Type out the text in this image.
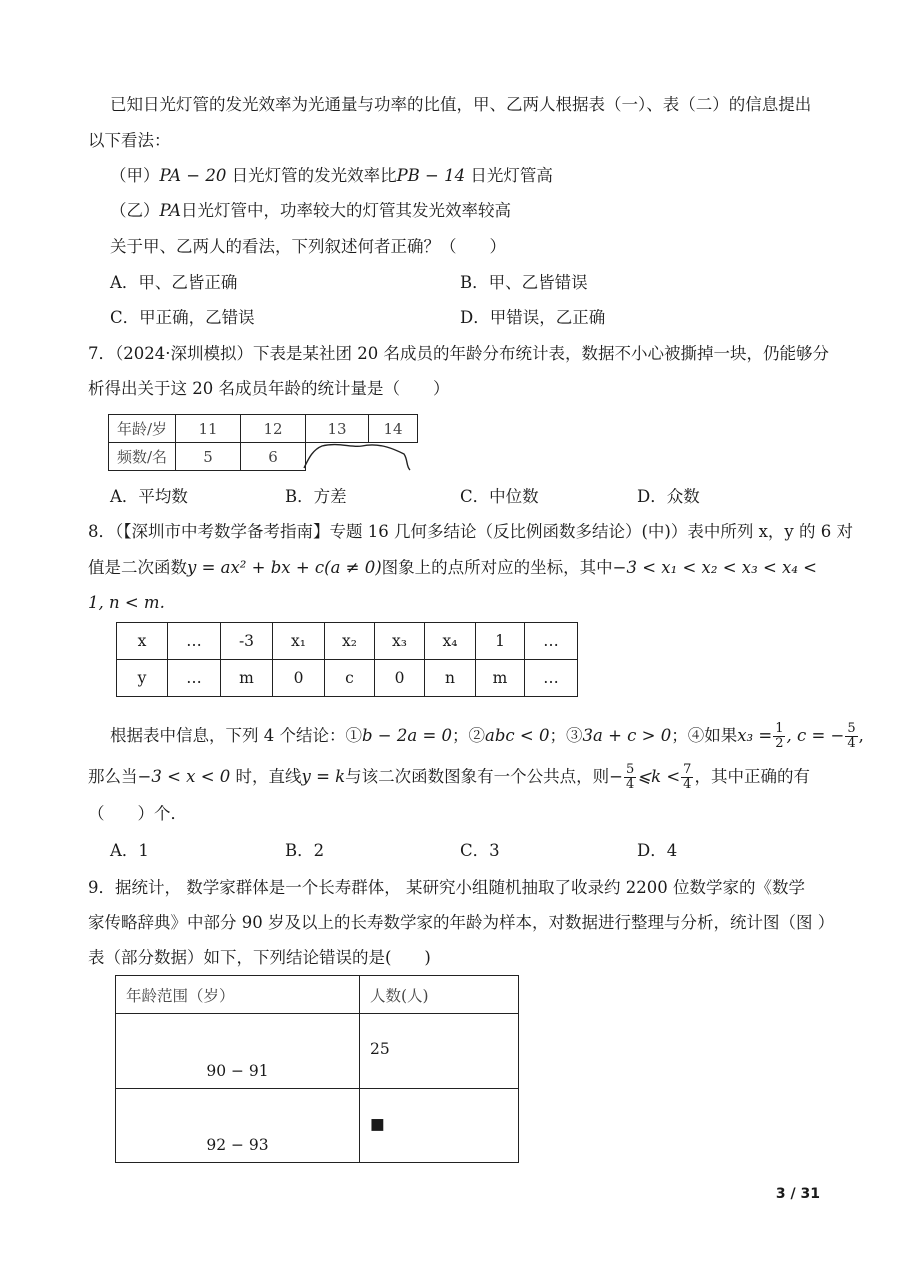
已知日光灯管的发光效率为光通量与功率的比值，甲、乙两人根据表（一）、表（二）的信息提出
以下看法：
（甲）PA − 20 日光灯管的发光效率比PB − 14 日光灯管高
（乙）PA日光灯管中，功率较大的灯管其发光效率较高
关于甲、乙两人的看法，下列叙述何者正确？（　　）
A．甲、乙皆正确	B．甲、乙皆错误
C．甲正确，乙错误	D．甲错误，乙正确
7．（2024·深圳模拟）下表是某社团 20 名成员的年龄分布统计表，数据不小心被撕掉一块，仍能够分
析得出关于这 20 名成员年龄的统计量是（　　）
年龄/岁	11	12	13	14
频数/名	5	6		
A．平均数	B．方差	C．中位数	D．众数
8．（【深圳市中考数学备考指南】专题 16 几何多结论（反比例函数多结论）(中)）表中所列 x，y 的 6 对
值是二次函数y = ax² + bx + c(a ≠ 0)图象上的点所对应的坐标，其中−3 < x₁ < x₂ < x₃ < x₄ <
1, n < m.
x	…	-3	x₁	x₂	x₃	x₄	1	…
y	…	m	0	c	0	n	m	…
根据表中信息，下列 4 个结论：①b − 2a = 0；②abc < 0；③3a + c > 0；④如果$x_3 = \frac{1}{2}$ , c = − $\frac{5}{4}$ ,
那么当−3 < x < 0 时，直线y = k与该二次函数图象有一个公共点，则− $\frac{5}{4}$ ⩽k < $\frac{7}{4}$ ，其中正确的有
（　　）个．
A．1	B．2	C．3	D．4
9．据统计， 数学家群体是一个长寿群体， 某研究小组随机抽取了收录约 2200 位数学家的《数学
家传略辞典》中部分 90 岁及以上的长寿数学家的年龄为样本，对数据进行整理与分析，统计图（图 ）
表（部分数据）如下，下列结论错误的是(　　)
年龄范围（岁）	人数(人)
90 − 91	25
92 − 93	■
3 / 31
